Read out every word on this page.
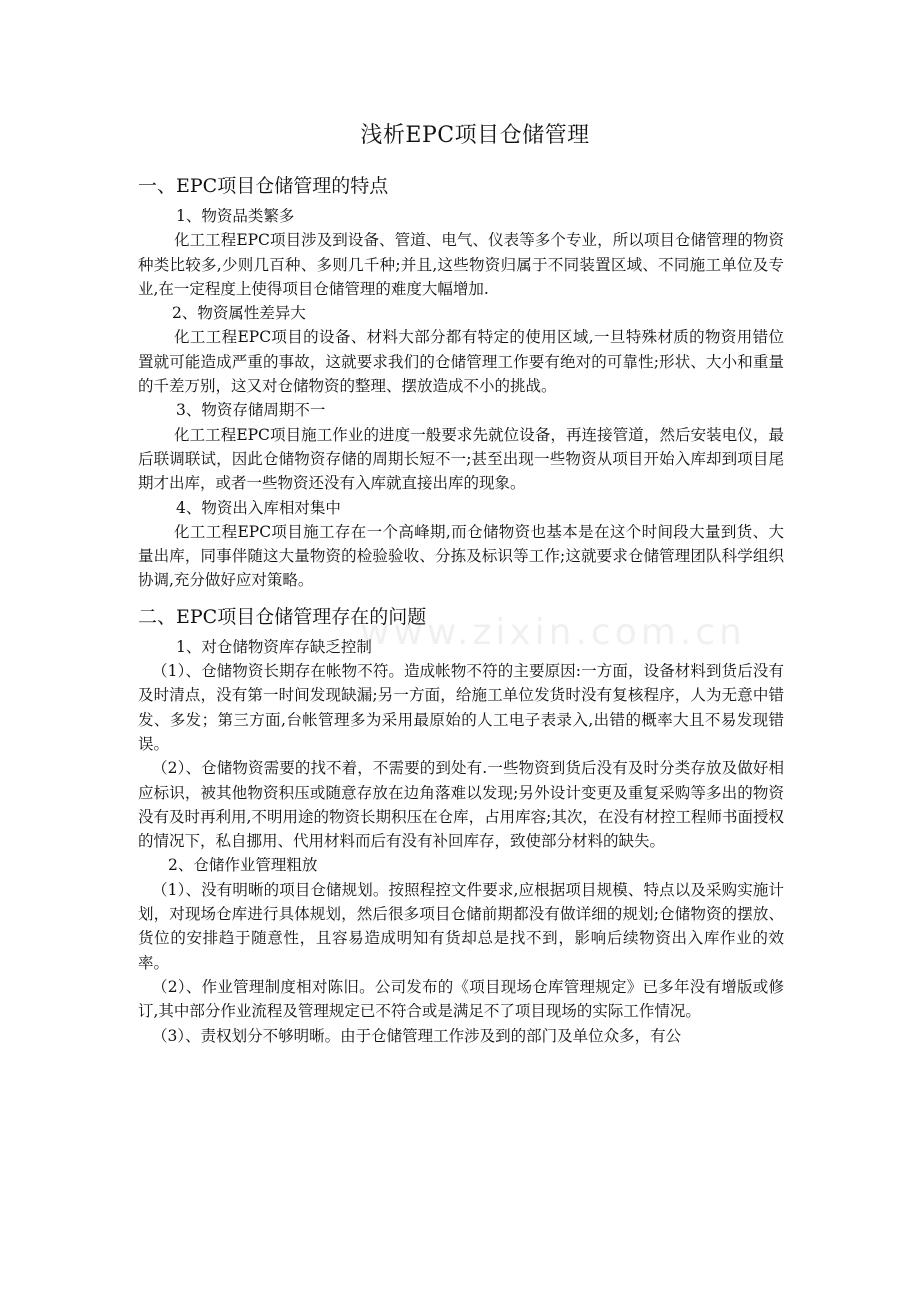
www.zixin.com.cn
浅析EPC项目仓储管理
一、EPC项目仓储管理的特点
1、物资品类繁多
化工工程EPC项目涉及到设备、管道、电气、仪表等多个专业，所以项目仓储管理的物资种类比较多,少则几百种、多则几千种;并且,这些物资归属于不同装置区域、不同施工单位及专业,在一定程度上使得项目仓储管理的难度大幅增加.
2、物资属性差异大
化工工程EPC项目的设备、材料大部分都有特定的使用区域,一旦特殊材质的物资用错位置就可能造成严重的事故，这就要求我们的仓储管理工作要有绝对的可靠性;形状、大小和重量的千差万别，这又对仓储物资的整理、摆放造成不小的挑战。
3、物资存储周期不一
化工工程EPC项目施工作业的进度一般要求先就位设备，再连接管道，然后安装电仪，最后联调联试，因此仓储物资存储的周期长短不一;甚至出现一些物资从项目开始入库却到项目尾期才出库，或者一些物资还没有入库就直接出库的现象。
4、物资出入库相对集中
化工工程EPC项目施工存在一个高峰期,而仓储物资也基本是在这个时间段大量到货、大量出库，同事伴随这大量物资的检验验收、分拣及标识等工作;这就要求仓储管理团队科学组织协调,充分做好应对策略。
二、EPC项目仓储管理存在的问题
1、对仓储物资库存缺乏控制
（1）、仓储物资长期存在帐物不符。造成帐物不符的主要原因:一方面，设备材料到货后没有及时清点，没有第一时间发现缺漏;另一方面，给施工单位发货时没有复核程序，人为无意中错发、多发；第三方面,台帐管理多为采用最原始的人工电子表录入,出错的概率大且不易发现错误。
（2）、仓储物资需要的找不着，不需要的到处有.一些物资到货后没有及时分类存放及做好相应标识，被其他物资积压或随意存放在边角落难以发现;另外设计变更及重复采购等多出的物资没有及时再利用,不明用途的物资长期积压在仓库，占用库容;其次，在没有材控工程师书面授权的情况下，私自挪用、代用材料而后有没有补回库存，致使部分材料的缺失。
2、仓储作业管理粗放
（1）、没有明晰的项目仓储规划。按照程控文件要求,应根据项目规模、特点以及采购实施计划，对现场仓库进行具体规划，然后很多项目仓储前期都没有做详细的规划;仓储物资的摆放、货位的安排趋于随意性，且容易造成明知有货却总是找不到，影响后续物资出入库作业的效率。
（2）、作业管理制度相对陈旧。公司发布的《项目现场仓库管理规定》已多年没有增版或修订,其中部分作业流程及管理规定已不符合或是满足不了项目现场的实际工作情况。
（3）、责权划分不够明晰。由于仓储管理工作涉及到的部门及单位众多，有公
